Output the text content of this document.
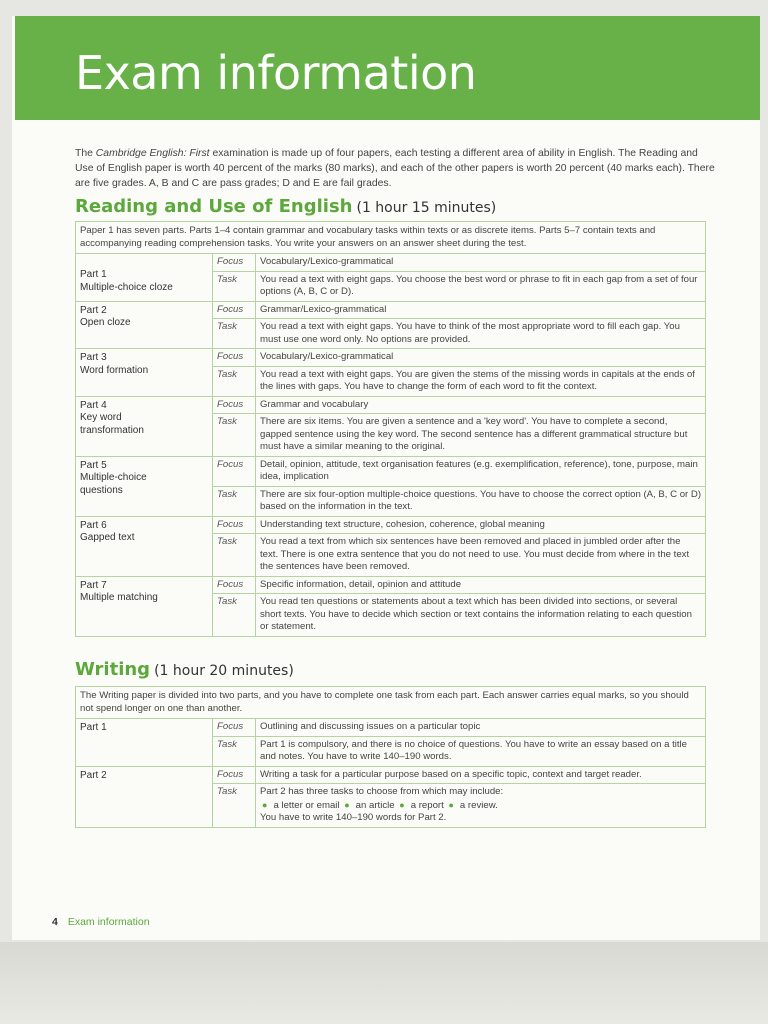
Exam information

The Cambridge English: First examination is made up of four papers, each testing a different area of ability in English. The Reading and Use of English paper is worth 40 percent of the marks (80 marks), and each of the other papers is worth 20 percent (40 marks each). There are five grades. A, B and C are pass grades; D and E are fail grades.

Reading and Use of English (1 hour 15 minutes)
Paper 1 has seven parts. Parts 1–4 contain grammar and vocabulary tasks within texts or as discrete items. Parts 5–7 contain texts and accompanying reading comprehension tasks. You write your answers on an answer sheet during the test.		

Part 1
Multiple-choice cloze	Focus	Vocabulary/Lexico-grammatical
	Task	You read a text with eight gaps. You choose the best word or phrase to fit in each gap from a set of four options (A, B, C or D).

Part 2
Open cloze	Focus	Grammar/Lexico-grammatical
	Task	You read a text with eight gaps. You have to think of the most appropriate word to fill each gap. You must use one word only. No options are provided.

Part 3
Word formation	Focus	Vocabulary/Lexico-grammatical
	Task	You read a text with eight gaps. You are given the stems of the missing words in capitals at the ends of the lines with gaps. You have to change the form of each word to fit the context.

Part 4
Key word transformation	Focus	Grammar and vocabulary
	Task	There are six items. You are given a sentence and a 'key word'. You have to complete a second, gapped sentence using the key word. The second sentence has a different grammatical structure but must have a similar meaning to the original.

Part 5
Multiple-choice questions	Focus	Detail, opinion, attitude, text organisation features (e.g. exemplification, reference), tone, purpose, main idea, implication
	Task	There are six four-option multiple-choice questions. You have to choose the correct option (A, B, C or D) based on the information in the text.

Part 6
Gapped text	Focus	Understanding text structure, cohesion, coherence, global meaning
	Task	You read a text from which six sentences have been removed and placed in jumbled order after the text. There is one extra sentence that you do not need to use. You must decide from where in the text the sentences have been removed.

Part 7
Multiple matching	Focus	Specific information, detail, opinion and attitude
	Task	You read ten questions or statements about a text which has been divided into sections, or several short texts. You have to decide which section or text contains the information relating to each question or statement.
Writing (1 hour 20 minutes)
The Writing paper is divided into two parts, and you have to complete one task from each part. Each answer carries equal marks, so you should not spend longer on one than another.		
Part 1	Focus	Outlining and discussing issues on a particular topic
	Task	Part 1 is compulsory, and there is no choice of questions. You have to write an essay based on a title and notes. You have to write 140–190 words.
Part 2	Focus	Writing a task for a particular purpose based on a specific topic, context and target reader.
	Task	Part 2 has three tasks to choose from which may include:
● a letter or email ● an article ● a report ● a review.
You have to write 140–190 words for Part 2.
4 Exam information
